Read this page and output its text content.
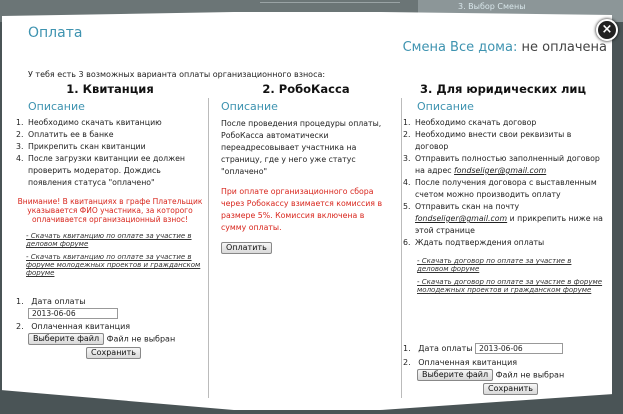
3. Выбор Смены
×
Оплата
Смена Все дома: не оплачена
У тебя есть 3 возможных варианта оплаты организационного взноса:
1. Квитанция
Описание
1. Необходимо скачать квитанцию
2. Оплатить ее в банке
3. Прикрепить скан квитанции
4. После загрузки квитанции ее должен проверить модератор. Дождись появления статуса "оплачено"
Внимание! В квитанциях в графе Плательщик указывается ФИО участника, за которого оплачивается организационный взнос!
- Скачать квитанцию по оплате за участие в деловом форуме
- Скачать квитанцию по оплате за участие в форуме молодежных проектов и гражданском форуме
1. Дата оплаты
2013-06-06
2. Оплаченная квитанция
Выберите файл Файл не выбран
Сохранить
2. РобоКасса
Описание
После проведения процедуры оплаты, РобоКасса автоматически переадресовывает участника на страницу, где у него уже статус "оплачено"
При оплате организационного сбора через Робокассу взимается комиссия в размере 5%. Комиссия включена в сумму оплаты.
Оплатить
3. Для юридических лиц
Описание
1. Необходимо скачать договор
2. Необходимо внести свои реквизиты в договор
3. Отправить полностью заполненный договор на адрес fondseliger@gmail.com
4. После получения договора с выставленным счетом можно производить оплату
5. Отправить скан на почту fondseliger@gmail.com и прикрепить ниже на этой странице
6. Ждать подтверждения оплаты
- Скачать договор по оплате за участие в деловом форуме
- Скачать договор по оплате за участие в форуме молодежных проектов и гражданском форуме
1. Дата оплаты 2013-06-06
2. Оплаченная квитанция
Выберите файл Файл не выбран
Сохранить
